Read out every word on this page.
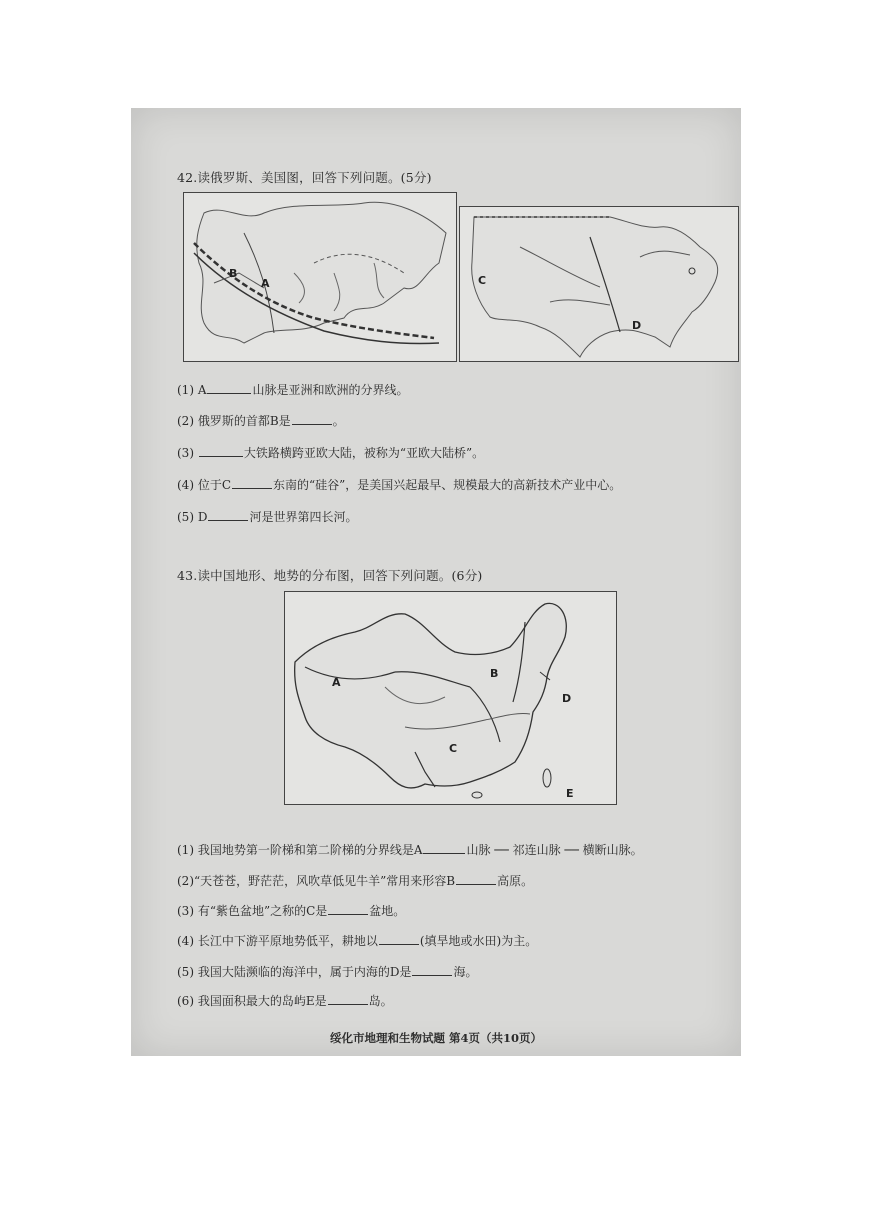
42.读俄罗斯、美国图，回答下列问题。(5分)
B
A	C
D
(1) A	山脉是亚洲和欧洲的分界线。
(2) 俄罗斯的首都B是	。
(3)	大铁路横跨亚欧大陆，被称为“亚欧大陆桥”。
(4) 位于C	东南的“硅谷”，是美国兴起最早、规模最大的高新技术产业中心。
(5) D	河是世界第四长河。
43.读中国地形、地势的分布图，回答下列问题。(6分)
A
B
C
D
E
(1) 我国地势第一阶梯和第二阶梯的分界线是A	山脉 ── 祁连山脉 ── 横断山脉。
(2)“天苍苍，野茫茫，风吹草低见牛羊”常用来形容B	高原。
(3) 有“紫色盆地”之称的C是	盆地。
(4) 长江中下游平原地势低平，耕地以	(填旱地或水田)为主。
(5) 我国大陆濒临的海洋中，属于内海的D是	海。
(6) 我国面积最大的岛屿E是	岛。
绥化市地理和生物试题 第4页（共10页）
